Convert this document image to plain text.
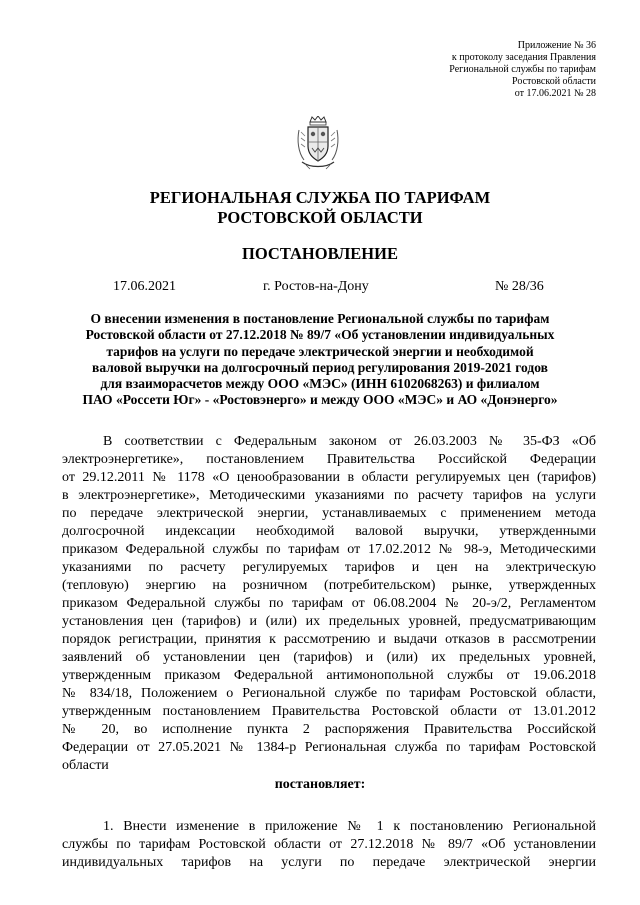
Приложение № 36
к протоколу заседания Правления
Региональной службы по тарифам
Ростовской области
от 17.06.2021 № 28
РЕГИОНАЛЬНАЯ СЛУЖБА ПО ТАРИФАМ
РОСТОВСКОЙ ОБЛАСТИ
ПОСТАНОВЛЕНИЕ
17.06.2021	г. Ростов-на-Дону	№ 28/36
О внесении изменения в постановление Региональной службы по тарифам
Ростовской области от 27.12.2018 № 89/7 «Об установлении индивидуальных
тарифов на услуги по передаче электрической энергии и необходимой
валовой выручки на долгосрочный период регулирования 2019-2021 годов
для взаиморасчетов между ООО «МЭС» (ИНН 6102068263) и филиалом
ПАО «Россети Юг» - «Ростовэнерго» и между ООО «МЭС» и АО «Донэнерго»
В соответствии с Федеральным законом от 26.03.2003 № 35-ФЗ «Об
электроэнергетике», постановлением Правительства Российской Федерации
от 29.12.2011 № 1178 «О ценообразовании в области регулируемых цен (тарифов)
в электроэнергетике», Методическими указаниями по расчету тарифов на услуги
по передаче электрической энергии, устанавливаемых с применением метода
долгосрочной индексации необходимой валовой выручки, утвержденными
приказом Федеральной службы по тарифам от 17.02.2012 № 98-э, Методическими
указаниями по расчету регулируемых тарифов и цен на электрическую
(тепловую) энергию на розничном (потребительском) рынке, утвержденных
приказом Федеральной службы по тарифам от 06.08.2004 № 20-э/2, Регламентом
установления цен (тарифов) и (или) их предельных уровней, предусматривающим
порядок регистрации, принятия к рассмотрению и выдачи отказов в рассмотрении
заявлений об установлении цен (тарифов) и (или) их предельных уровней,
утвержденным приказом Федеральной антимонопольной службы от 19.06.2018
№ 834/18, Положением о Региональной службе по тарифам Ростовской области,
утвержденным постановлением Правительства Ростовской области от 13.01.2012
№ 20, во исполнение пункта 2 распоряжения Правительства Российской
Федерации от 27.05.2021 № 1384-р Региональная служба по тарифам Ростовской
области
постановляет:
1. Внести изменение в приложение № 1 к постановлению Региональной
службы по тарифам Ростовской области от 27.12.2018 № 89/7 «Об установлении
индивидуальных тарифов на услуги по передаче электрической энергии
